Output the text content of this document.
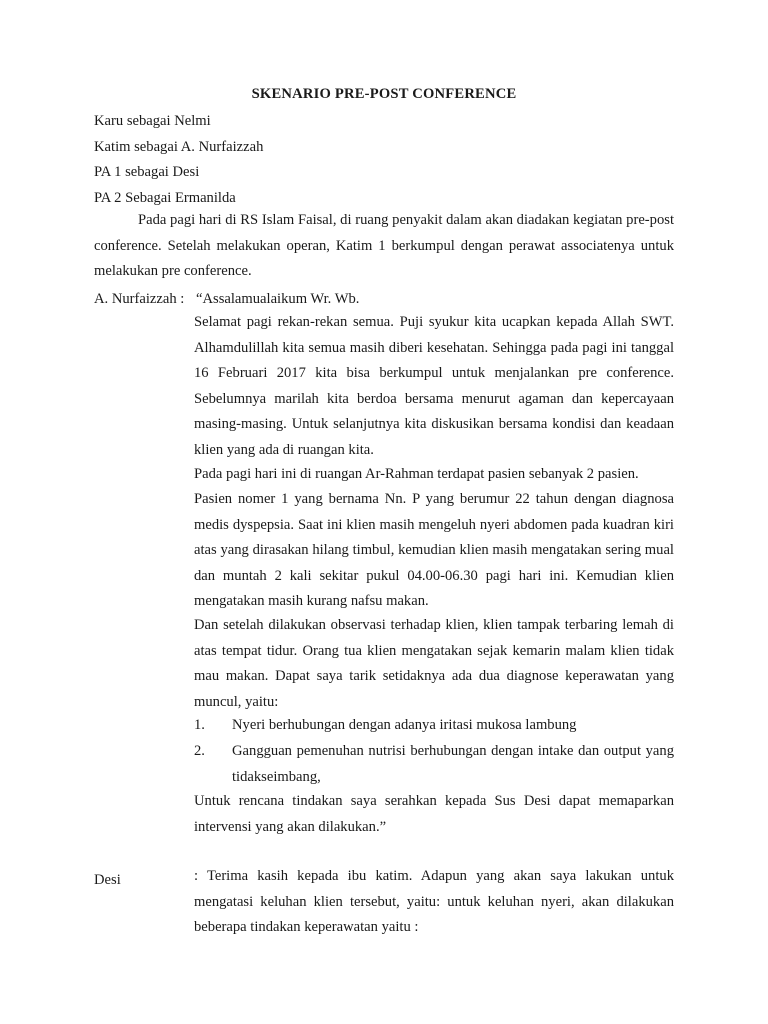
SKENARIO PRE-POST CONFERENCE
Karu sebagai Nelmi
Katim sebagai A. Nurfaizzah
PA 1 sebagai Desi
PA 2 Sebagai Ermanilda
Pada pagi hari di RS Islam Faisal, di ruang penyakit dalam akan diadakan kegiatan pre-post conference. Setelah melakukan operan, Katim 1 berkumpul dengan perawat associatenya untuk melakukan pre conference.
A. Nurfaizzah : “Assalamualaikum Wr. Wb.
Selamat pagi rekan-rekan semua. Puji syukur kita ucapkan kepada Allah SWT. Alhamdulillah kita semua masih diberi kesehatan. Sehingga pada pagi ini tanggal 16 Februari 2017 kita bisa berkumpul untuk menjalankan pre conference. Sebelumnya marilah kita berdoa bersama menurut agaman dan kepercayaan masing-masing. Untuk selanjutnya kita diskusikan bersama kondisi dan keadaan klien yang ada di ruangan kita.
Pada pagi hari ini di ruangan Ar-Rahman terdapat pasien sebanyak 2 pasien.
Pasien nomer 1 yang bernama Nn. P yang berumur 22 tahun dengan diagnosa medis dyspepsia. Saat ini klien masih mengeluh nyeri abdomen pada kuadran kiri atas yang dirasakan hilang timbul, kemudian klien masih mengatakan sering mual dan muntah 2 kali sekitar pukul 04.00-06.30 pagi hari ini. Kemudian klien mengatakan masih kurang nafsu makan.
Dan setelah dilakukan observasi terhadap klien, klien tampak terbaring lemah di atas tempat tidur. Orang tua klien mengatakan sejak kemarin malam klien tidak mau makan. Dapat saya tarik setidaknya ada dua diagnose keperawatan yang muncul, yaitu:
1. Nyeri berhubungan dengan adanya iritasi mukosa lambung
2. Gangguan pemenuhan nutrisi berhubungan dengan intake dan output yang tidakseimbang,
Untuk rencana tindakan saya serahkan kepada Sus Desi dapat memaparkan intervensi yang akan dilakukan.”
Desi	: Terima kasih kepada ibu katim. Adapun yang akan saya lakukan untuk mengatasi keluhan klien tersebut, yaitu: untuk keluhan nyeri, akan dilakukan beberapa tindakan keperawatan yaitu :
